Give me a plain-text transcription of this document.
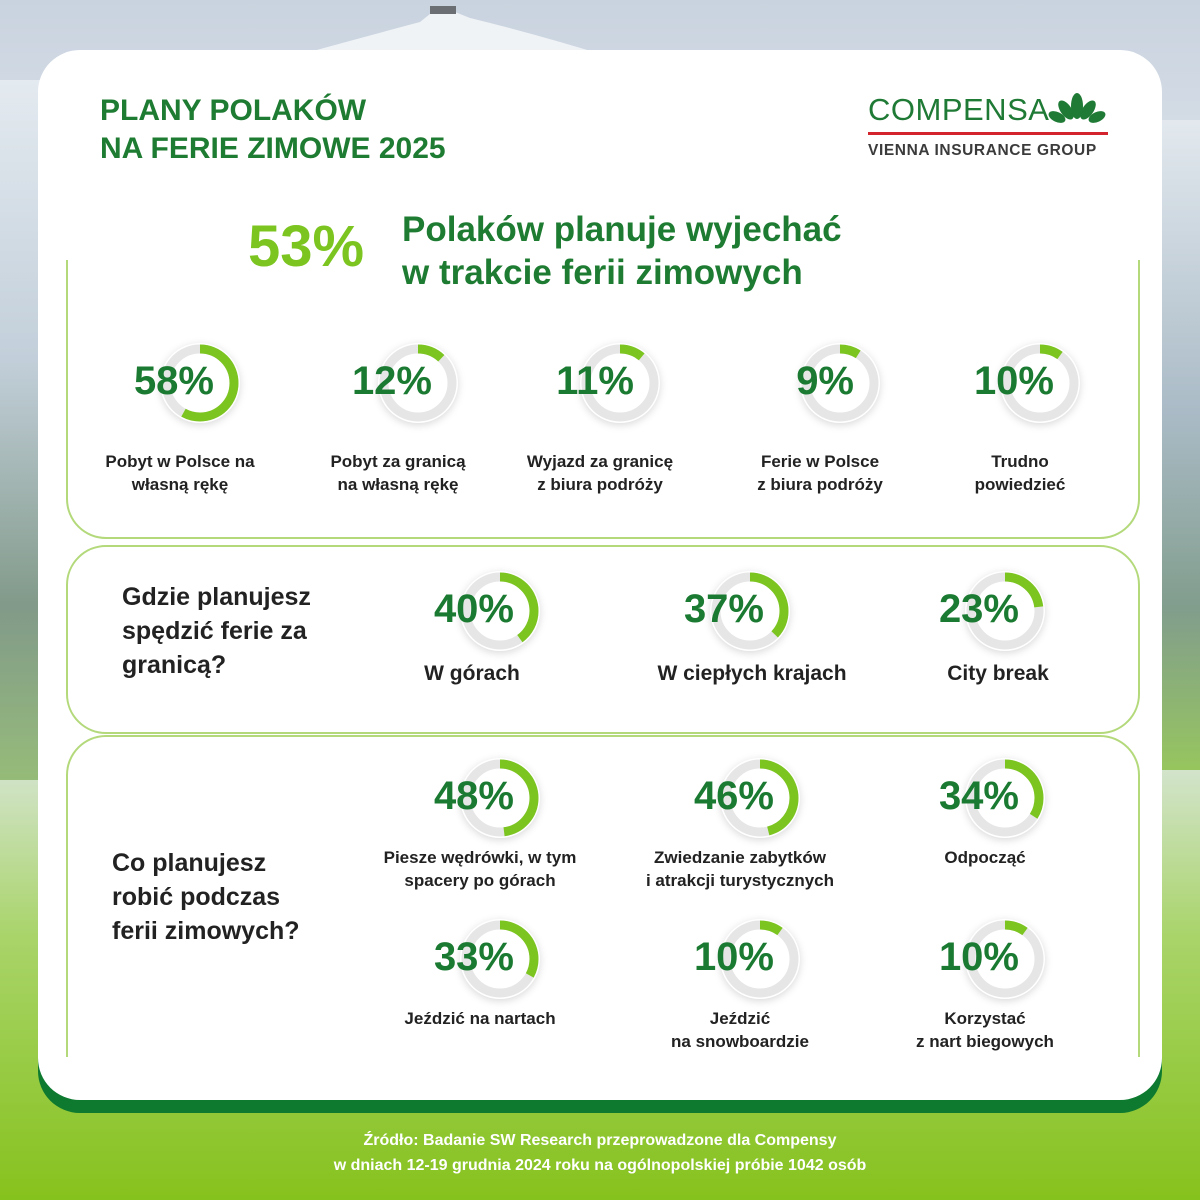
PLANY POLAKÓW
NA FERIE ZIMOWE 2025
COMPENSA
VIENNA INSURANCE GROUP
53% Polaków planuje wyjechać
w trakcie ferii zimowych
Gdzie planujesz
spędzić ferie za
granicą?
Co planujesz
robić podczas
ferii zimowych?
58%
Pobyt w Polsce na
własną rękę
12%
Pobyt za granicą
na własną rękę
11%
Wyjazd za granicę
z biura podróży
9%
Ferie w Polsce
z biura podróży
10%
Trudno
powiedzieć
40%
W górach
37%
W ciepłych krajach
23%
City break
48%
Piesze wędrówki, w tym
spacery po górach
46%
Zwiedzanie zabytków
i atrakcji turystycznych
34%
Odpocząć
33%
Jeździć na nartach
10%
Jeździć
na snowboardzie
10%
Korzystać
z nart biegowych
Źródło: Badanie SW Research przeprowadzone dla Compensy
w dniach 12-19 grudnia 2024 roku na ogólnopolskiej próbie 1042 osób
